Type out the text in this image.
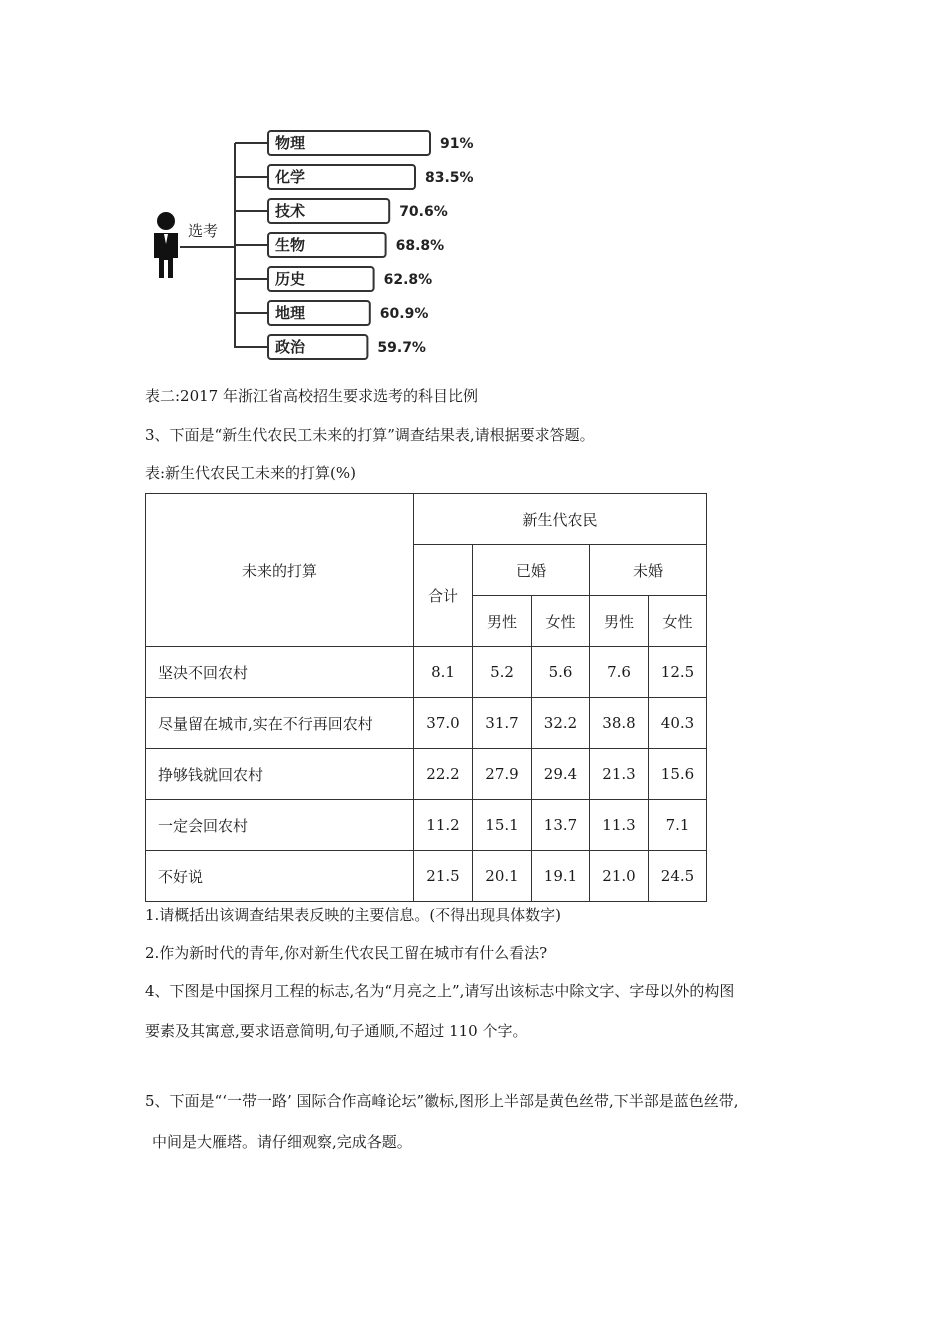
选考
物理	91%
化学	83.5%
技术	70.6%
生物	68.8%
历史	62.8%
地理	60.9%
政治	59.7%
表二:2017 年浙江省高校招生要求选考的科目比例
3、下面是“新生代农民工未来的打算”调查结果表,请根据要求答题。
表:新生代农民工未来的打算(%)
未来的打算	新生代农民				
	合计	已婚		未婚	
		男性	女性	男性	女性
坚决不回农村	8.1	5.2	5.6	7.6	12.5
尽量留在城市,实在不行再回农村	37.0	31.7	32.2	38.8	40.3
挣够钱就回农村	22.2	27.9	29.4	21.3	15.6
一定会回农村	11.2	15.1	13.7	11.3	7.1
不好说	21.5	20.1	19.1	21.0	24.5
1.请概括出该调查结果表反映的主要信息。(不得出现具体数字)
2.作为新时代的青年,你对新生代农民工留在城市有什么看法?
4、下图是中国探月工程的标志,名为“月亮之上”,请写出该标志中除文字、字母以外的构图
要素及其寓意,要求语意简明,句子通顺,不超过 110 个字。
5、下面是“‘一带一路’ 国际合作高峰论坛”徽标,图形上半部是黄色丝带,下半部是蓝色丝带,
中间是大雁塔。请仔细观察,完成各题。
